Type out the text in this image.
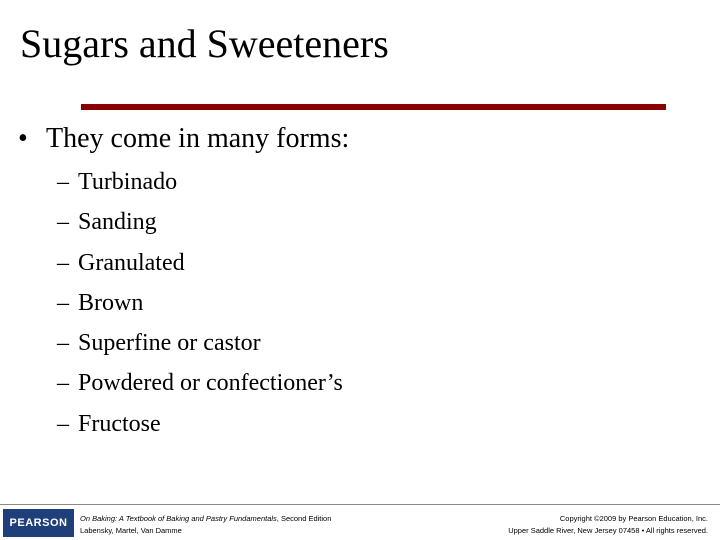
Sugars and Sweeteners
• They come in many forms:
– Turbinado
– Sanding
– Granulated
– Brown
– Superfine or castor
– Powdered or confectioner’s
– Fructose
PEARSON	On Baking: A Textbook of Baking and Pastry Fundamentals, Second Edition
Labensky, Martel, Van Damme
Copyright ©2009 by Pearson Education, Inc.
Upper Saddle River, New Jersey 07458 • All rights reserved.
